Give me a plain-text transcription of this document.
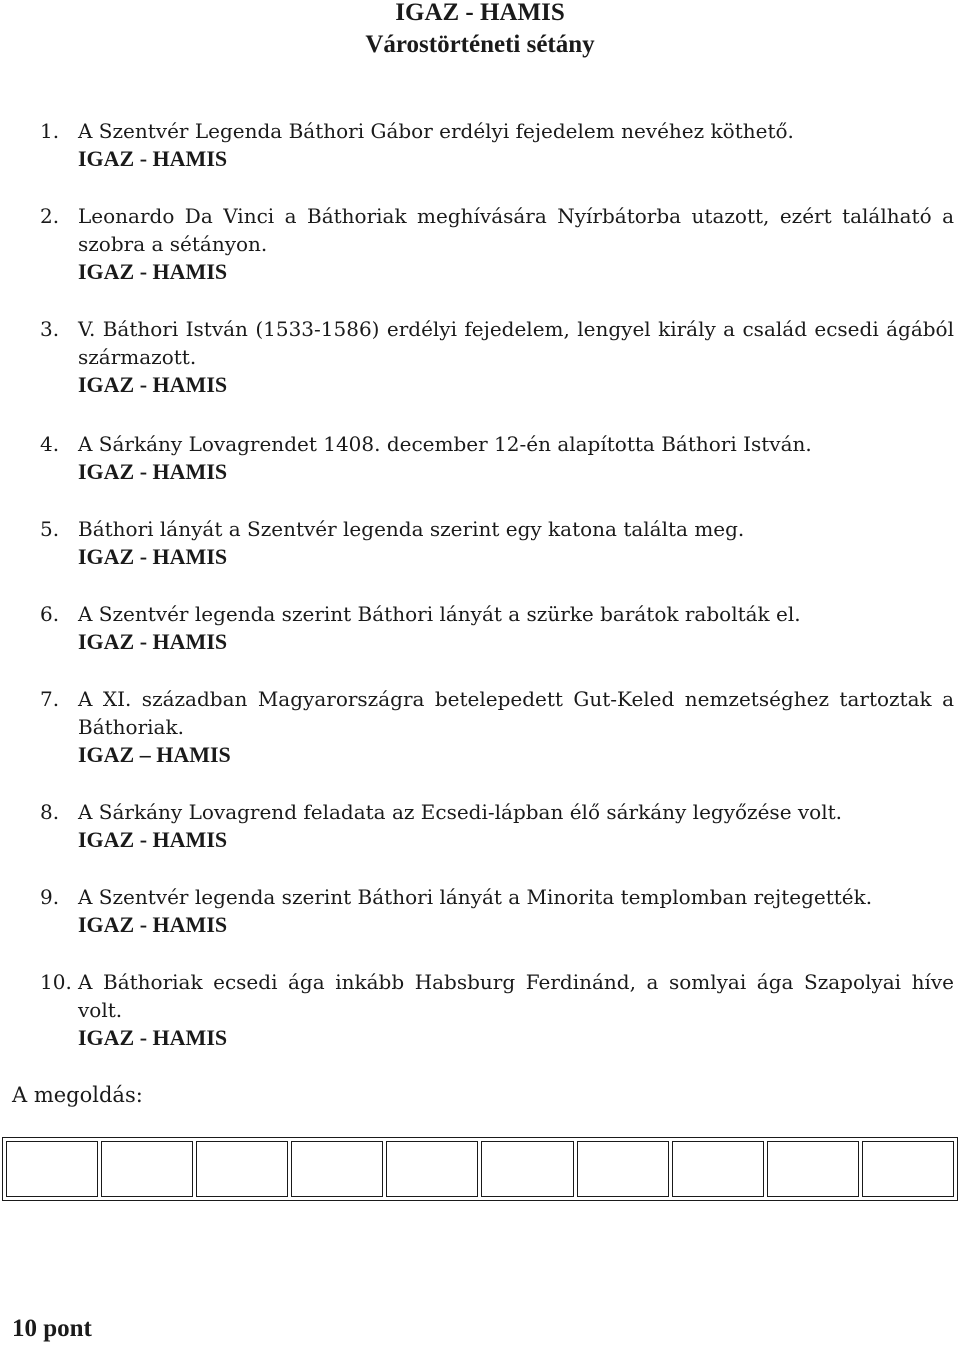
IGAZ - HAMIS
Várostörténeti sétány
1. A Szentvér Legenda Báthori Gábor erdélyi fejedelem nevéhez köthető.
IGAZ - HAMIS
2. Leonardo Da Vinci a Báthoriak meghívására Nyírbátorba utazott, ezért található a szobra a sétányon.
IGAZ - HAMIS
3. V. Báthori István (1533-1586) erdélyi fejedelem, lengyel király a család ecsedi ágából származott.
IGAZ - HAMIS
4. A Sárkány Lovagrendet 1408. december 12-én alapította Báthori István.
IGAZ - HAMIS
5. Báthori lányát a Szentvér legenda szerint egy katona találta meg.
IGAZ - HAMIS
6. A Szentvér legenda szerint Báthori lányát a szürke barátok rabolták el.
IGAZ - HAMIS
7. A XI. században Magyarországra betelepedett Gut-Keled nemzetséghez tartoztak a Báthoriak.
IGAZ – HAMIS
8. A Sárkány Lovagrend feladata az Ecsedi-lápban élő sárkány legyőzése volt.
IGAZ - HAMIS
9. A Szentvér legenda szerint Báthori lányát a Minorita templomban rejtegették.
IGAZ - HAMIS
10. A Báthoriak ecsedi ága inkább Habsburg Ferdinánd, a somlyai ága Szapolyai híve volt.
IGAZ - HAMIS
A megoldás:

10 pont
